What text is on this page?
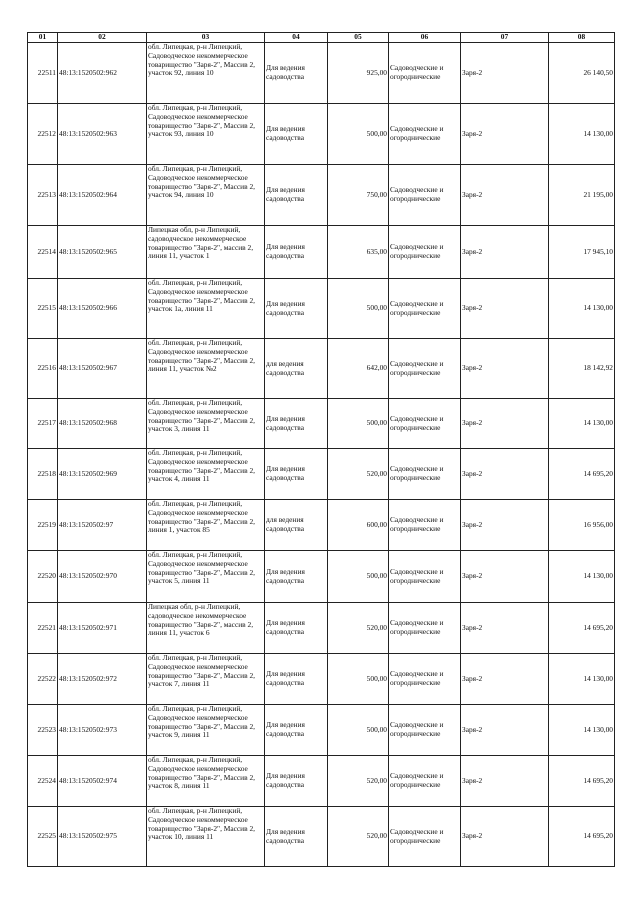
01	02	03	04	05	06	07	08
22511	48:13:1520502:962	обл. Липецкая, р-н Липецкий, Садоводческое некоммерческое товарищество "Заря-2", Массив 2, участок 92, линия 10	Для ведения садоводства	925,00	Садоводческие и огороднические	Заря-2	26 140,50
22512	48:13:1520502:963	обл. Липецкая, р-н Липецкий, Садоводческое некоммерческое товарищество "Заря-2", Массив 2, участок 93, линия 10	Для ведения садоводства	500,00	Садоводческие и огороднические	Заря-2	14 130,00
22513	48:13:1520502:964	обл. Липецкая, р-н Липецкий, Садоводческое некоммерческое товарищество "Заря-2", Массив 2, участок 94, линия 10	Для ведения садоводства	750,00	Садоводческие и огороднические	Заря-2	21 195,00
22514	48:13:1520502:965	Липецкая обл, р-н Липецкий, садоводческое некоммерческое товарищество "Заря-2", массив 2, линия 11, участок 1	Для ведения садоводства	635,00	Садоводческие и огороднические	Заря-2	17 945,10
22515	48:13:1520502:966	обл. Липецкая, р-н Липецкий, Садоводческое некоммерческое товарищество "Заря-2", Массив 2, участок 1а, линия 11	Для ведения садоводства	500,00	Садоводческие и огороднические	Заря-2	14 130,00
22516	48:13:1520502:967	обл. Липецкая, р-н Липецкий, Садоводческое некоммерческое товарищество "Заря-2", Массив 2, линия 11, участок №2	для ведения садоводства	642,00	Садоводческие и огороднические	Заря-2	18 142,92
22517	48:13:1520502:968	обл. Липецкая, р-н Липецкий, Садоводческое некоммерческое товарищество "Заря-2", Массив 2, участок 3, линия 11	Для ведения садоводства	500,00	Садоводческие и огороднические	Заря-2	14 130,00
22518	48:13:1520502:969	обл. Липецкая, р-н Липецкий, Садоводческое некоммерческое товарищество "Заря-2", Массив 2, участок 4, линия 11	Для ведения садоводства	520,00	Садоводческие и огороднические	Заря-2	14 695,20
22519	48:13:1520502:97	обл. Липецкая, р-н Липецкий, Садоводческое некоммерческое товарищество "Заря-2", Массив 2, линия 1, участок 85	для ведения садоводства	600,00	Садоводческие и огороднические	Заря-2	16 956,00
22520	48:13:1520502:970	обл. Липецкая, р-н Липецкий, Садоводческое некоммерческое товарищество "Заря-2", Массив 2, участок 5, линия 11	Для ведения садоводства	500,00	Садоводческие и огороднические	Заря-2	14 130,00
22521	48:13:1520502:971	Липецкая обл, р-н Липецкий, садоводческое некоммерческое товарищество "Заря-2", массив 2, линия 11, участок 6	Для ведения садоводства	520,00	Садоводческие и огороднические	Заря-2	14 695,20
22522	48:13:1520502:972	обл. Липецкая, р-н Липецкий, Садоводческое некоммерческое товарищество "Заря-2", Массив 2, участок 7, линия 11	Для ведения садоводства	500,00	Садоводческие и огороднические	Заря-2	14 130,00
22523	48:13:1520502:973	обл. Липецкая, р-н Липецкий, Садоводческое некоммерческое товарищество "Заря-2", Массив 2, участок 9, линия 11	Для ведения садоводства	500,00	Садоводческие и огороднические	Заря-2	14 130,00
22524	48:13:1520502:974	обл. Липецкая, р-н Липецкий, Садоводческое некоммерческое товарищество "Заря-2", Массив 2, участок 8, линия 11	Для ведения садоводства	520,00	Садоводческие и огороднические	Заря-2	14 695,20
22525	48:13:1520502:975	обл. Липецкая, р-н Липецкий, Садоводческое некоммерческое товарищество "Заря-2", Массив 2, участок 10, линия 11	Для ведения садоводства	520,00	Садоводческие и огороднические	Заря-2	14 695,20
